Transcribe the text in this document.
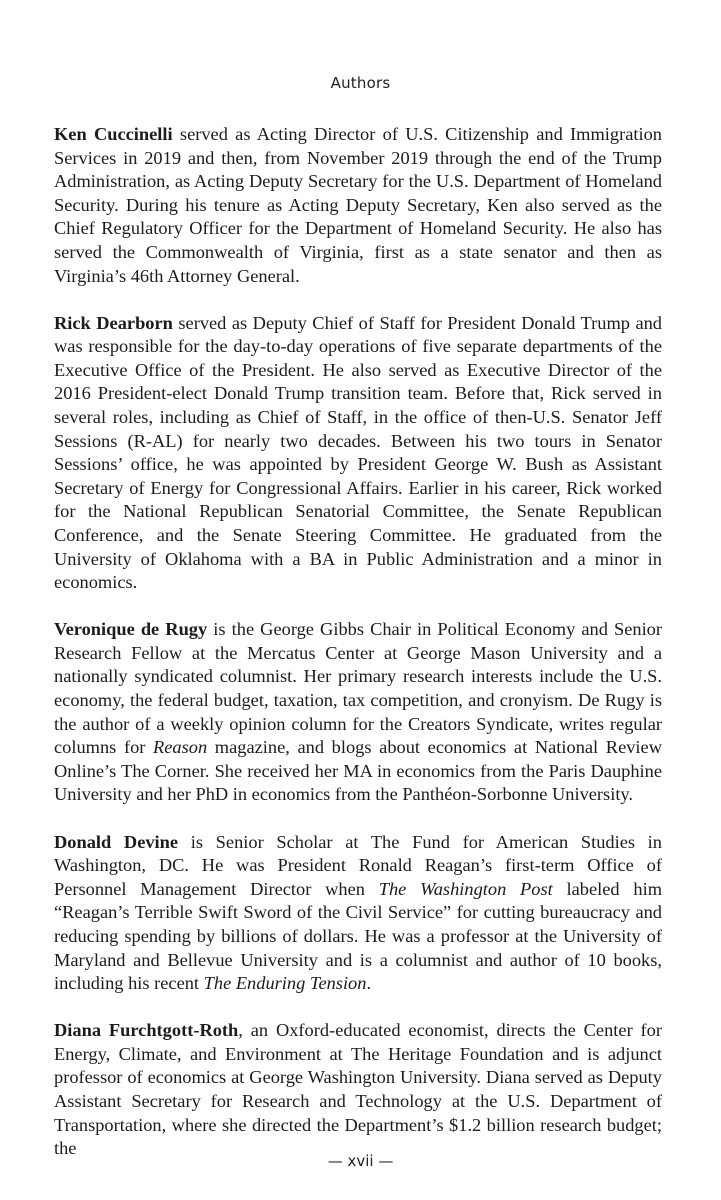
Authors

Ken Cuccinelli served as Acting Director of U.S. Citizenship and Immigration Services in 2019 and then, from November 2019 through the end of the Trump Administration, as Acting Deputy Secretary for the U.S. Department of Homeland Security. During his tenure as Acting Deputy Secretary, Ken also served as the Chief Regulatory Officer for the Department of Homeland Security. He also has served the Commonwealth of Virginia, first as a state senator and then as Virginia’s 46th Attorney General.

Rick Dearborn served as Deputy Chief of Staff for President Donald Trump and was responsible for the day-to-day operations of five separate departments of the Executive Office of the President. He also served as Executive Director of the 2016 President-elect Donald Trump transition team. Before that, Rick served in several roles, including as Chief of Staff, in the office of then-U.S. Senator Jeff Sessions (R-AL) for nearly two decades. Between his two tours in Senator Sessions’ office, he was appointed by President George W. Bush as Assistant Secretary of Energy for Congressional Affairs. Earlier in his career, Rick worked for the National Republican Senatorial Committee, the Senate Republican Conference, and the Senate Steering Committee. He graduated from the University of Oklahoma with a BA in Public Administration and a minor in economics.

Veronique de Rugy is the George Gibbs Chair in Political Economy and Senior Research Fellow at the Mercatus Center at George Mason University and a nationally syndicated columnist. Her primary research interests include the U.S. economy, the federal budget, taxation, tax competition, and cronyism. De Rugy is the author of a weekly opinion column for the Creators Syndicate, writes regular columns for Reason magazine, and blogs about economics at National Review Online’s The Corner. She received her MA in economics from the Paris Dauphine University and her PhD in economics from the Panthéon-Sorbonne University.

Donald Devine is Senior Scholar at The Fund for American Studies in Washington, DC. He was President Ronald Reagan’s first-term Office of Personnel Management Director when The Washington Post labeled him “Reagan’s Terrible Swift Sword of the Civil Service” for cutting bureaucracy and reducing spending by billions of dollars. He was a professor at the University of Maryland and Bellevue University and is a columnist and author of 10 books, including his recent The Enduring Tension.

Diana Furchtgott-Roth, an Oxford-educated economist, directs the Center for Energy, Climate, and Environment at The Heritage Foundation and is adjunct professor of economics at George Washington University. Diana served as Deputy Assistant Secretary for Research and Technology at the U.S. Department of Transportation, where she directed the Department’s $1.2 billion research budget; the

— xvii —
